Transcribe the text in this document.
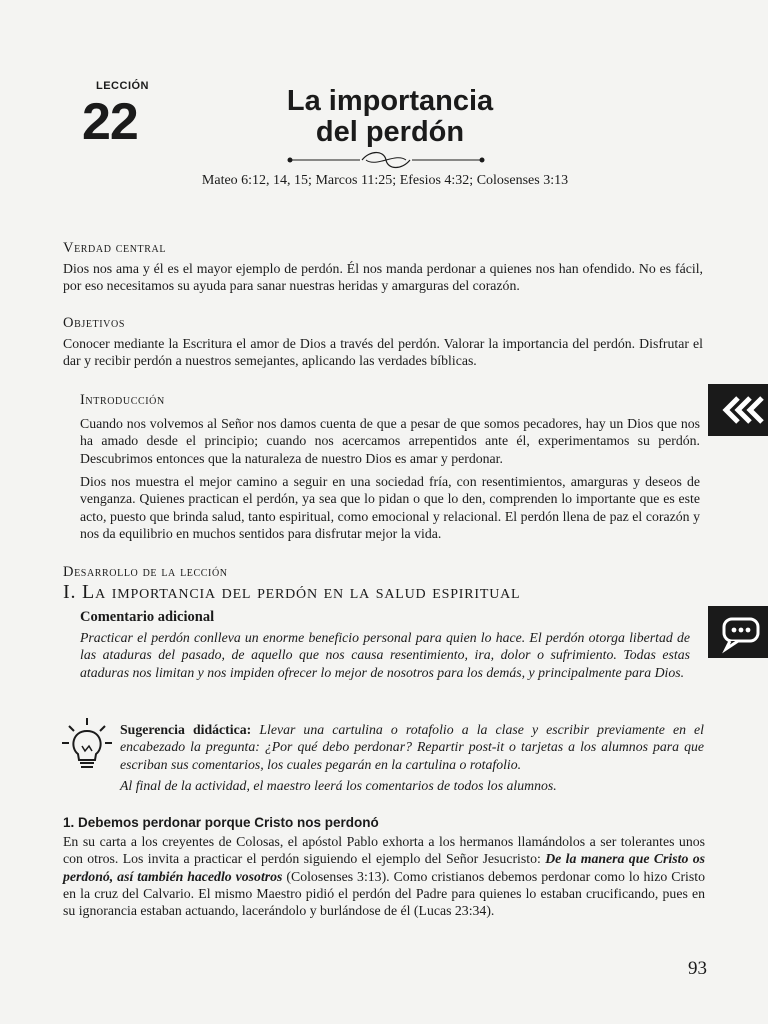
LECCIÓN
22	La importancia
del perdón
Mateo 6:12, 14, 15; Marcos 11:25; Efesios 4:32; Colosenses 3:13
Verdad central
Dios nos ama y él es el mayor ejemplo de perdón. Él nos manda perdonar a quienes nos han ofendido. No es fácil, por eso necesitamos su ayuda para sanar nuestras heridas y amarguras del corazón.
Objetivos
Conocer mediante la Escritura el amor de Dios a través del perdón. Valorar la importancia del perdón. Disfrutar el dar y recibir perdón a nuestros semejantes, aplicando las verdades bíblicas.
Introducción
Cuando nos volvemos al Señor nos damos cuenta de que a pesar de que somos pecadores, hay un Dios que nos ha amado desde el principio; cuando nos acercamos arrepentidos ante él, experimentamos su perdón. Descubrimos entonces que la naturaleza de nuestro Dios es amar y perdonar.
Dios nos muestra el mejor camino a seguir en una sociedad fría, con resentimientos, amarguras y deseos de venganza. Quienes practican el perdón, ya sea que lo pidan o que lo den, comprenden lo importante que es este acto, puesto que brinda salud, tanto espiritual, como emocional y relacional. El perdón llena de paz el corazón y nos da equilibrio en muchos sentidos para disfrutar mejor la vida.
Desarrollo de la lección
I. La importancia del perdón en la salud espiritual
Comentario adicional
Practicar el perdón conlleva un enorme beneficio personal para quien lo hace. El perdón otorga libertad de las ataduras del pasado, de aquello que nos causa resentimiento, ira, dolor o sufrimiento. Todas estas ataduras nos limitan y nos impiden ofrecer lo mejor de nosotros para los demás, y principalmente para Dios.
Sugerencia didáctica: Llevar una cartulina o rotafolio a la clase y escribir previamente en el encabezado la pregunta: ¿Por qué debo perdonar? Repartir post-it o tarjetas a los alumnos para que escriban sus comentarios, los cuales pegarán en la cartulina o rotafolio.
Al final de la actividad, el maestro leerá los comentarios de todos los alumnos.
1. Debemos perdonar porque Cristo nos perdonó
En su carta a los creyentes de Colosas, el apóstol Pablo exhorta a los hermanos llamándolos a ser tolerantes unos con otros. Los invita a practicar el perdón siguiendo el ejemplo del Señor Jesucristo: De la manera que Cristo os perdonó, así también hacedlo vosotros (Colosenses 3:13). Como cristianos debemos perdonar como lo hizo Cristo en la cruz del Calvario. El mismo Maestro pidió el perdón del Padre para quienes lo estaban crucificando, pues en su ignorancia estaban actuando, lacerándolo y burlándose de él (Lucas 23:34).
93
